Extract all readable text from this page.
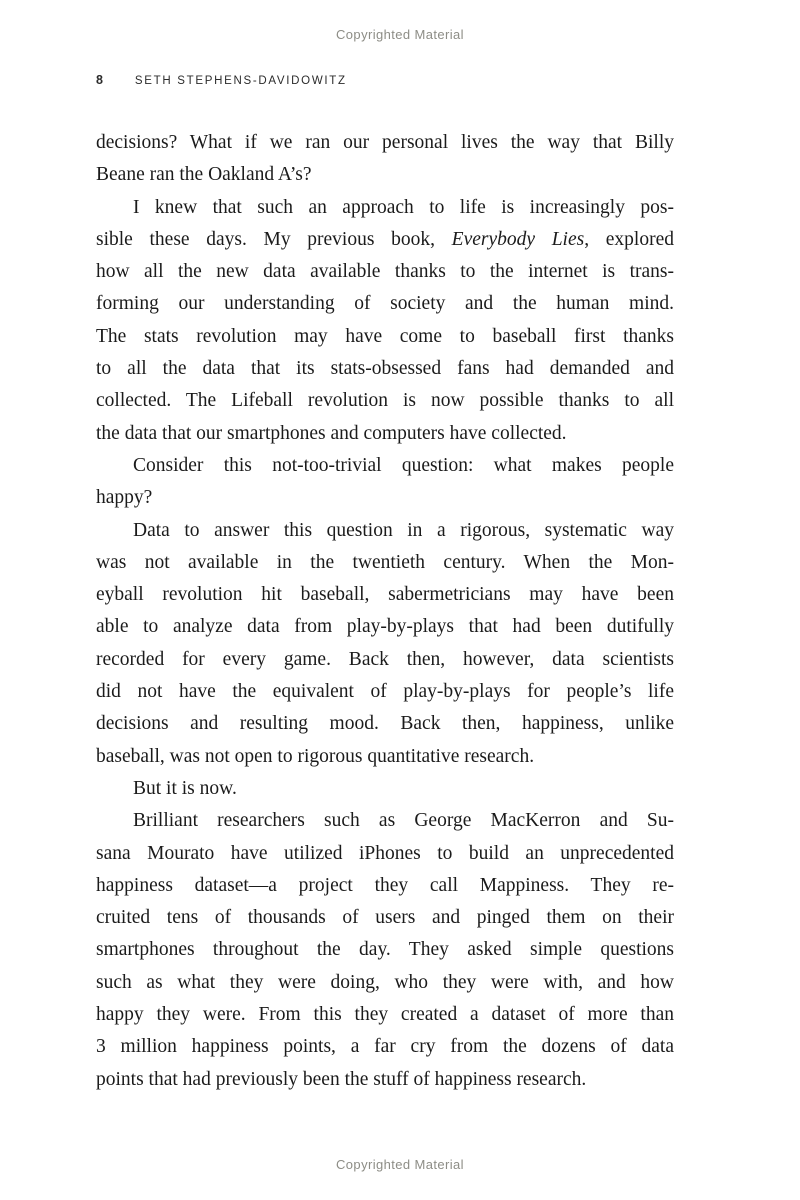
Copyrighted Material
8	SETH STEPHENS-DAVIDOWITZ
decisions? What if we ran our personal lives the way that Billy
Beane ran the Oakland A’s?
I knew that such an approach to life is increasingly pos-
sible these days. My previous book, Everybody Lies, explored
how all the new data available thanks to the internet is trans-
forming our understanding of society and the human mind.
The stats revolution may have come to baseball first thanks
to all the data that its stats-obsessed fans had demanded and
collected. The Lifeball revolution is now possible thanks to all
the data that our smartphones and computers have collected.
Consider this not-too-trivial question: what makes people
happy?
Data to answer this question in a rigorous, systematic way
was not available in the twentieth century. When the Mon-
eyball revolution hit baseball, sabermetricians may have been
able to analyze data from play-by-plays that had been dutifully
recorded for every game. Back then, however, data scientists
did not have the equivalent of play-by-plays for people’s life
decisions and resulting mood. Back then, happiness, unlike
baseball, was not open to rigorous quantitative research.
But it is now.
Brilliant researchers such as George MacKerron and Su-
sana Mourato have utilized iPhones to build an unprecedented
happiness dataset—a project they call Mappiness. They re-
cruited tens of thousands of users and pinged them on their
smartphones throughout the day. They asked simple questions
such as what they were doing, who they were with, and how
happy they were. From this they created a dataset of more than
3 million happiness points, a far cry from the dozens of data
points that had previously been the stuff of happiness research.
Copyrighted Material
